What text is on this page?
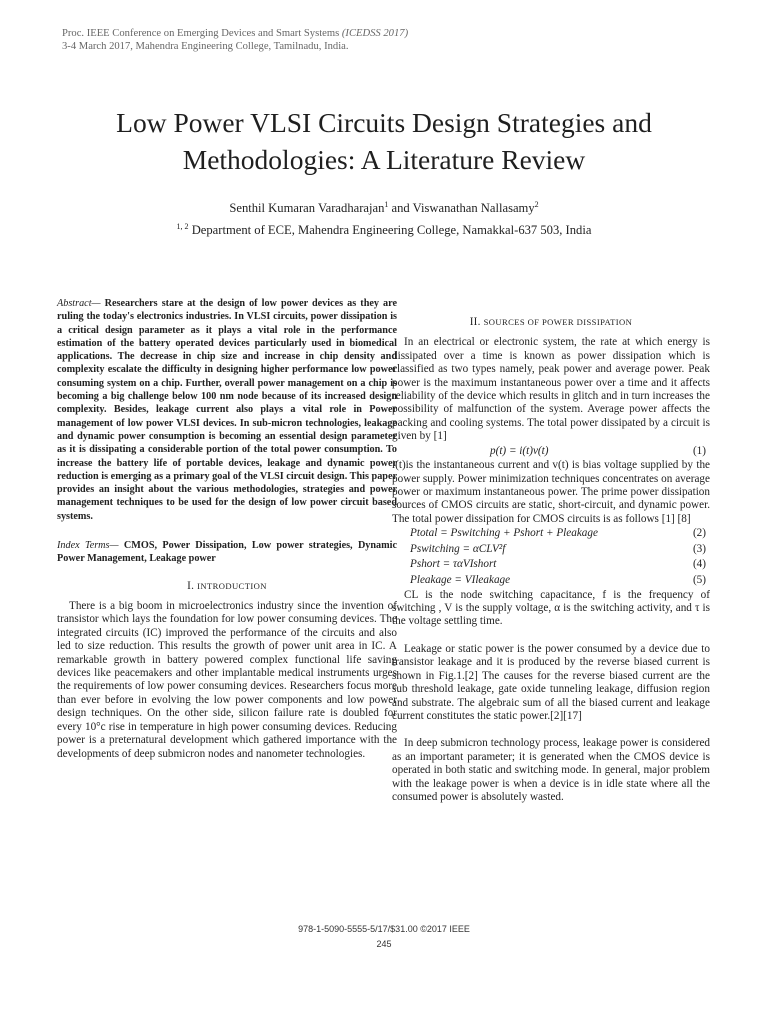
Proc. IEEE Conference on Emerging Devices and Smart Systems (ICEDSS 2017)
3-4 March 2017, Mahendra Engineering College, Tamilnadu, India.
Low Power VLSI Circuits Design Strategies and
Methodologies: A Literature Review
Senthil Kumaran Varadharajan$^1$ and Viswanathan Nallasamy$^2$
$^{1, 2}$ Department of ECE, Mahendra Engineering College, Namakkal-637 503, India
Abstract— Researchers stare at the design of low power devices as they are ruling the today's electronics industries. In VLSI circuits, power dissipation is a critical design parameter as it plays a vital role in the performance estimation of the battery operated devices particularly used in biomedical applications. The decrease in chip size and increase in chip density and complexity escalate the difficulty in designing higher performance low power consuming system on a chip. Further, overall power management on a chip is becoming a big challenge below 100 nm node because of its increased design complexity. Besides, leakage current also plays a vital role in Power management of low power VLSI devices. In sub-micron technologies, leakage and dynamic power consumption is becoming an essential design parameter as it is dissipating a considerable portion of the total power consumption. To increase the battery life of portable devices, leakage and dynamic power reduction is emerging as a primary goal of the VLSI circuit design. This paper provides an insight about the various methodologies, strategies and power management techniques to be used for the design of low power circuit based systems.
Index Terms— CMOS, Power Dissipation, Low power strategies, Dynamic Power Management, Leakage power
I. INTRODUCTION

There is a big boom in microelectronics industry since the invention of transistor which lays the foundation for low power consuming devices. The integrated circuits (IC) improved the performance of the circuits and also led to size reduction. This results the growth of power unit area in IC. A remarkable growth in battery powered complex functional life saving devices like peacemakers and other implantable medical instruments urges the requirements of low power consuming devices. Researchers focus more than ever before in evolving the low power components and low power design techniques. On the other side, silicon failure rate is doubled for every 10°c rise in temperature in high power consuming devices. Reducing power is a preternatural development which gathered importance with the developments of deep submicron nodes and nanometer technologies.

II. SOURCES OF POWER DISSIPATION

In an electrical or electronic system, the rate at which energy is dissipated over a time is known as power dissipation which is classified as two types namely, peak power and average power. Peak power is the maximum instantaneous power over a time and it affects reliability of the device which results in glitch and in turn increases the possibility of malfunction of the system. Average power affects the packing and cooling systems. The total power dissipated by a circuit is given by [1]

p(t) = i(t)v(t)	(1)

i(t)is the instantaneous current and v(t) is bias voltage supplied by the power supply. Power minimization techniques concentrates on average power or maximum instantaneous power. The prime power dissipation sources of CMOS circuits are static, short-circuit, and dynamic power. The total power dissipation for CMOS circuits is as follows [1] [8]

Ptotal = Pswitching + Pshort + Pleakage	(2)
Pswitching = αCLV²f	(3)
Pshort = ταVIshort	(4)
Pleakage = VIleakage	(5)

CL is the node switching capacitance, f is the frequency of switching , V is the supply voltage, α is the switching activity, and τ is the voltage settling time.

Leakage or static power is the power consumed by a device due to transistor leakage and it is produced by the reverse biased current is shown in Fig.1.[2] The causes for the reverse biased current are the sub threshold leakage, gate oxide tunneling leakage, diffusion region and substrate. The algebraic sum of all the biased current and leakage current constitutes the static power.[2][17]

In deep submicron technology process, leakage power is considered as an important parameter; it is generated when the CMOS device is operated in both static and switching mode. In general, major problem with the leakage power is when a device is in idle state where all the consumed power is absolutely wasted.

978-1-5090-5555-5/17/$31.00 ©2017 IEEE
245
